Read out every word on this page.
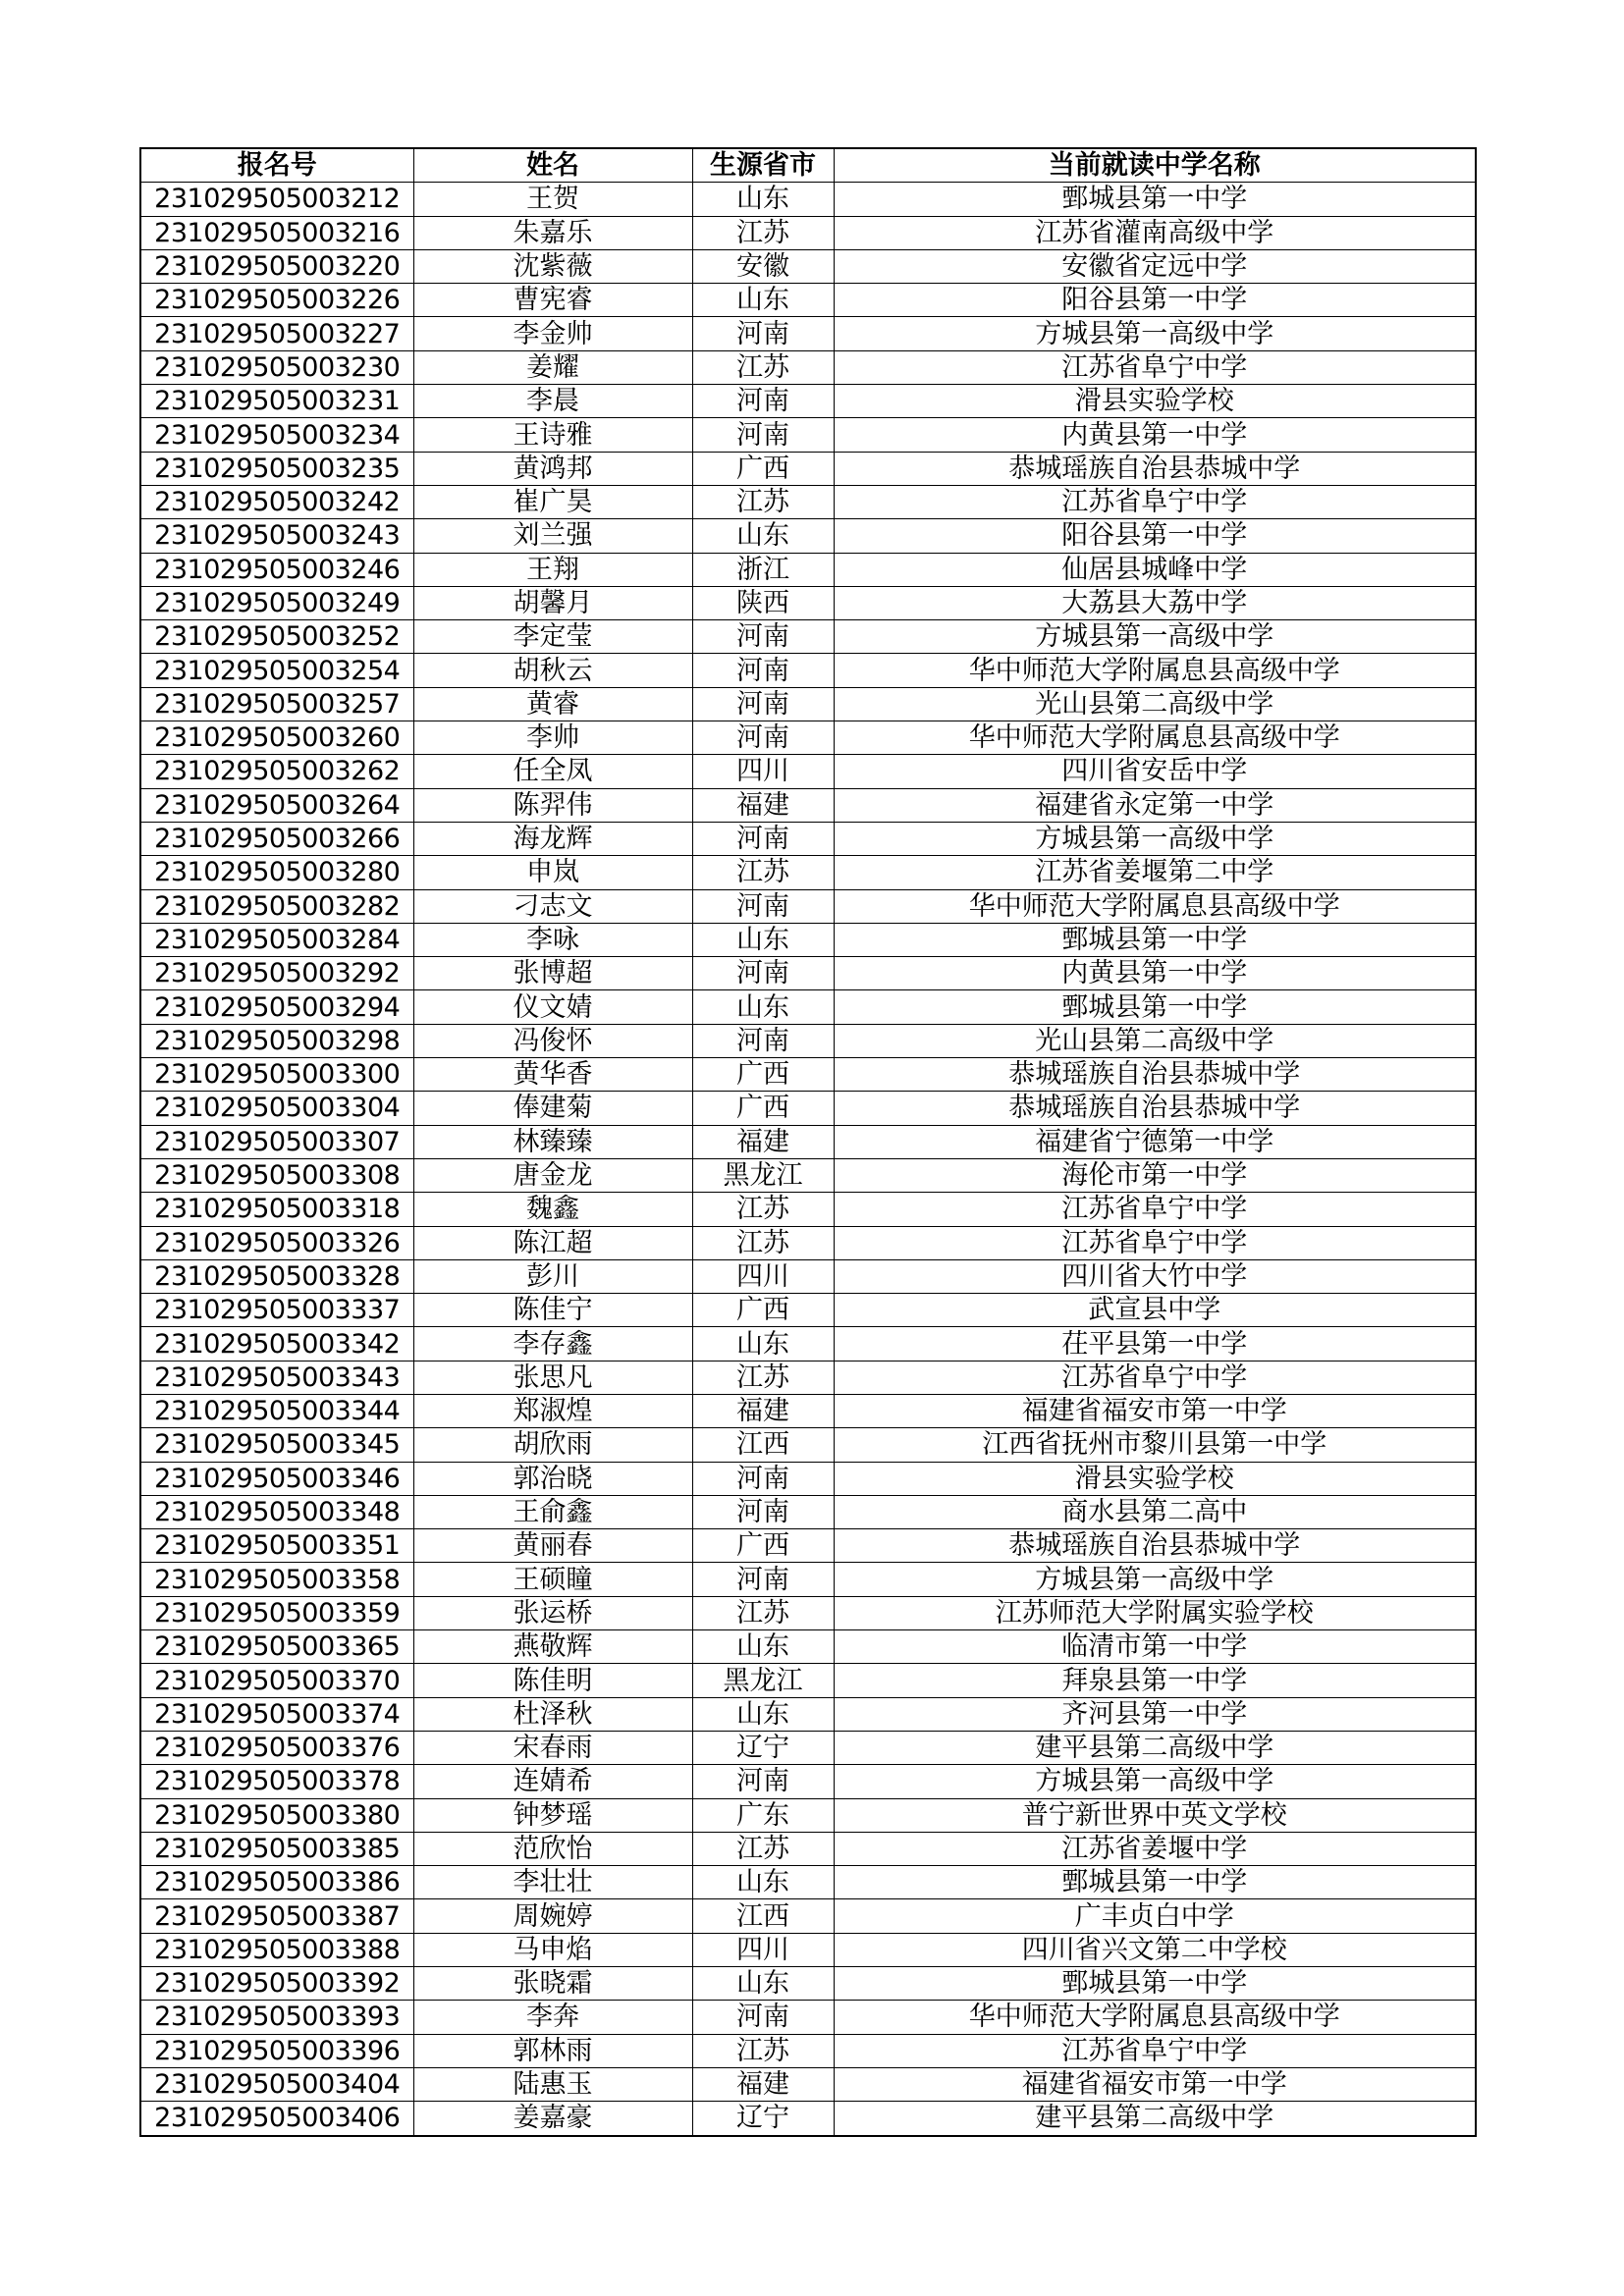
报名号	姓名	生源省市	当前就读中学名称
231029505003212	王贺	山东	鄄城县第一中学
231029505003216	朱嘉乐	江苏	江苏省灌南高级中学
231029505003220	沈紫薇	安徽	安徽省定远中学
231029505003226	曹宪睿	山东	阳谷县第一中学
231029505003227	李金帅	河南	方城县第一高级中学
231029505003230	姜耀	江苏	江苏省阜宁中学
231029505003231	李晨	河南	滑县实验学校
231029505003234	王诗雅	河南	内黄县第一中学
231029505003235	黄鸿邦	广西	恭城瑶族自治县恭城中学
231029505003242	崔广昊	江苏	江苏省阜宁中学
231029505003243	刘兰强	山东	阳谷县第一中学
231029505003246	王翔	浙江	仙居县城峰中学
231029505003249	胡馨月	陕西	大荔县大荔中学
231029505003252	李定莹	河南	方城县第一高级中学
231029505003254	胡秋云	河南	华中师范大学附属息县高级中学
231029505003257	黄睿	河南	光山县第二高级中学
231029505003260	李帅	河南	华中师范大学附属息县高级中学
231029505003262	任全凤	四川	四川省安岳中学
231029505003264	陈羿伟	福建	福建省永定第一中学
231029505003266	海龙辉	河南	方城县第一高级中学
231029505003280	申岚	江苏	江苏省姜堰第二中学
231029505003282	刁志文	河南	华中师范大学附属息县高级中学
231029505003284	李咏	山东	鄄城县第一中学
231029505003292	张博超	河南	内黄县第一中学
231029505003294	仪文婧	山东	鄄城县第一中学
231029505003298	冯俊怀	河南	光山县第二高级中学
231029505003300	黄华香	广西	恭城瑶族自治县恭城中学
231029505003304	俸建菊	广西	恭城瑶族自治县恭城中学
231029505003307	林臻臻	福建	福建省宁德第一中学
231029505003308	唐金龙	黑龙江	海伦市第一中学
231029505003318	魏鑫	江苏	江苏省阜宁中学
231029505003326	陈江超	江苏	江苏省阜宁中学
231029505003328	彭川	四川	四川省大竹中学
231029505003337	陈佳宁	广西	武宣县中学
231029505003342	李存鑫	山东	茌平县第一中学
231029505003343	张思凡	江苏	江苏省阜宁中学
231029505003344	郑淑煌	福建	福建省福安市第一中学
231029505003345	胡欣雨	江西	江西省抚州市黎川县第一中学
231029505003346	郭治晓	河南	滑县实验学校
231029505003348	王俞鑫	河南	商水县第二高中
231029505003351	黄丽春	广西	恭城瑶族自治县恭城中学
231029505003358	王硕瞳	河南	方城县第一高级中学
231029505003359	张运桥	江苏	江苏师范大学附属实验学校
231029505003365	燕敬辉	山东	临清市第一中学
231029505003370	陈佳明	黑龙江	拜泉县第一中学
231029505003374	杜泽秋	山东	齐河县第一中学
231029505003376	宋春雨	辽宁	建平县第二高级中学
231029505003378	连婧希	河南	方城县第一高级中学
231029505003380	钟梦瑶	广东	普宁新世界中英文学校
231029505003385	范欣怡	江苏	江苏省姜堰中学
231029505003386	李壮壮	山东	鄄城县第一中学
231029505003387	周婉婷	江西	广丰贞白中学
231029505003388	马申焰	四川	四川省兴文第二中学校
231029505003392	张晓霜	山东	鄄城县第一中学
231029505003393	李奔	河南	华中师范大学附属息县高级中学
231029505003396	郭林雨	江苏	江苏省阜宁中学
231029505003404	陆惠玉	福建	福建省福安市第一中学
231029505003406	姜嘉豪	辽宁	建平县第二高级中学
